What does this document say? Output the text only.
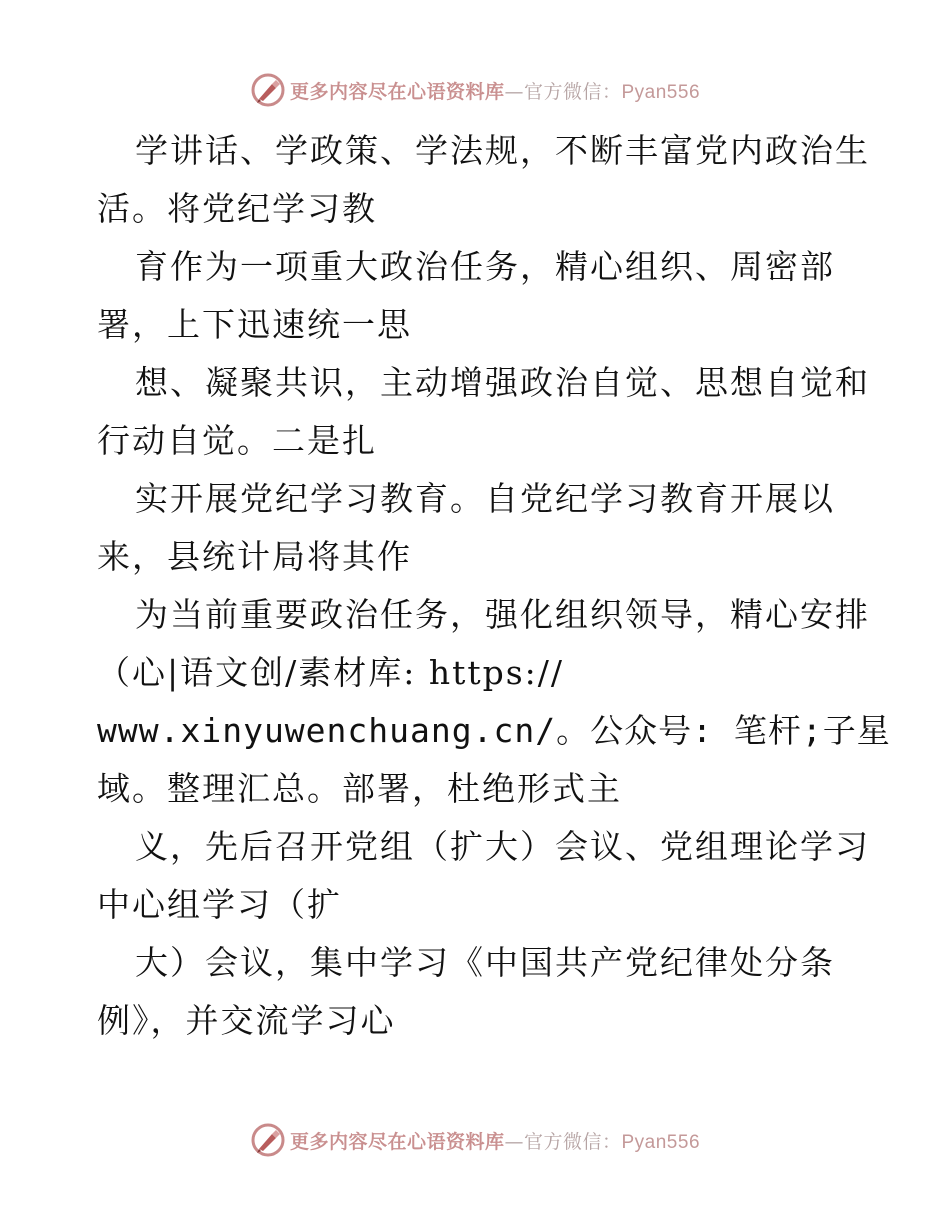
更多内容尽在心语资料库—官方微信：Pyan556
学讲话、学政策、学法规，不断丰富党内政治生
活。将党纪学习教
育作为一项重大政治任务，精心组织、周密部
署，上下迅速统一思
想、凝聚共识，主动增强政治自觉、思想自觉和
行动自觉。二是扎
实开展党纪学习教育。自党纪学习教育开展以
来，县统计局将其作
为当前重要政治任务，强化组织领导，精心安排
（心|语文创/素材库: https://
www.xinyuwenchuang.cn/。公众号: 笔杆;子星
域。整理汇总。部署，杜绝形式主
义，先后召开党组（扩大）会议、党组理论学习
中心组学习（扩
大）会议，集中学习《中国共产党纪律处分条
例》，并交流学习心
更多内容尽在心语资料库—官方微信：Pyan556
